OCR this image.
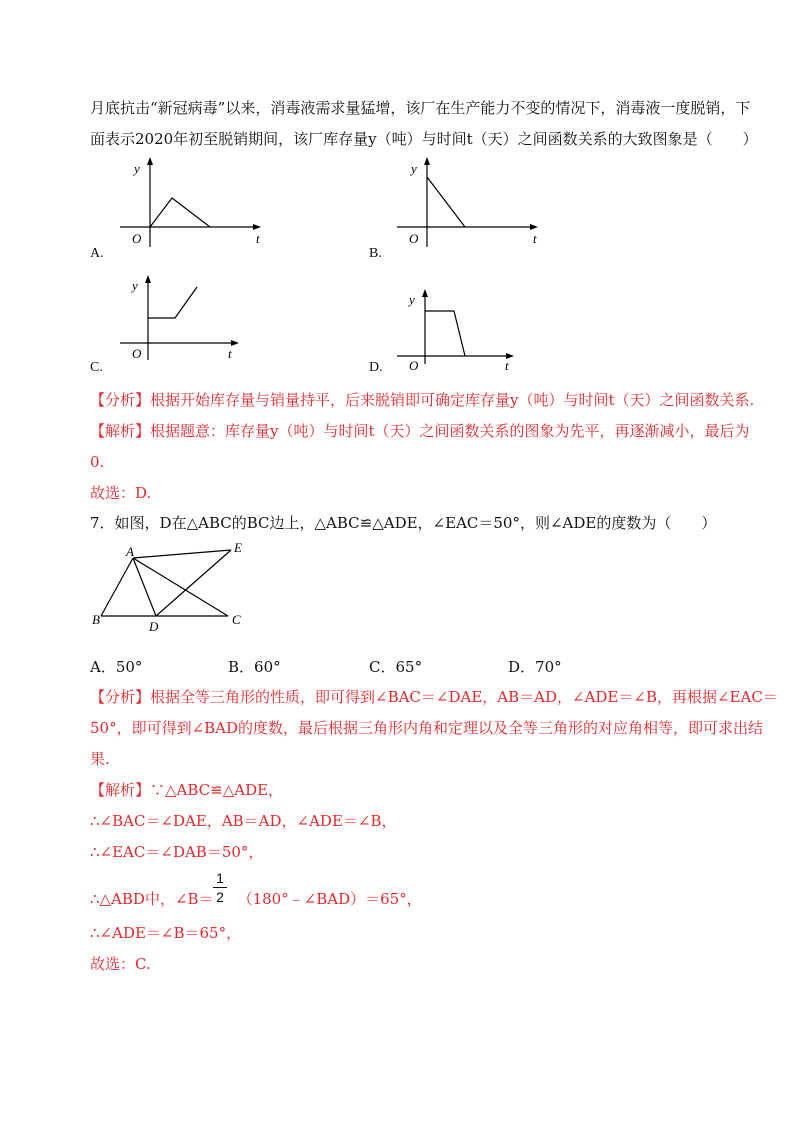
月底抗击“新冠病毒”以来，消毒液需求量猛增，该厂在生产能力不变的情况下，消毒液一度脱销，下
面表示2020年初至脱销期间，该厂库存量y（吨）与时间t（天）之间函数关系的大致图象是（　　）
y
t
O
A.
y
t
O
B.
y
t
O
C.
y
t
O
D.
【分析】根据开始库存量与销量持平，后来脱销即可确定库存量y（吨）与时间t（天）之间函数关系.
【解析】根据题意：库存量y（吨）与时间t（天）之间函数关系的图象为先平，再逐渐减小，最后为
0.
故选：D.
7．如图，D在△ABC的BC边上，△ABC≌△ADE，∠EAC＝50°，则∠ADE的度数为（　　）
A
B	C
D
E
A．50°	B．60°	C．65°	D．70°
【分析】根据全等三角形的性质，即可得到∠BAC＝∠DAE，AB＝AD，∠ADE＝∠B，再根据∠EAC＝
50°，即可得到∠BAD的度数，最后根据三角形内角和定理以及全等三角形的对应角相等，即可求出结
果.
【解析】∵△ABC≌△ADE，
∴∠BAC＝∠DAE，AB＝AD，∠ADE＝∠B，
∴∠EAC＝∠DAB＝50°，
∴△ABD中，∠B＝ （180°﹣∠BAD）＝65°，
1
2
∴∠ADE＝∠B＝65°，
故选：C.
